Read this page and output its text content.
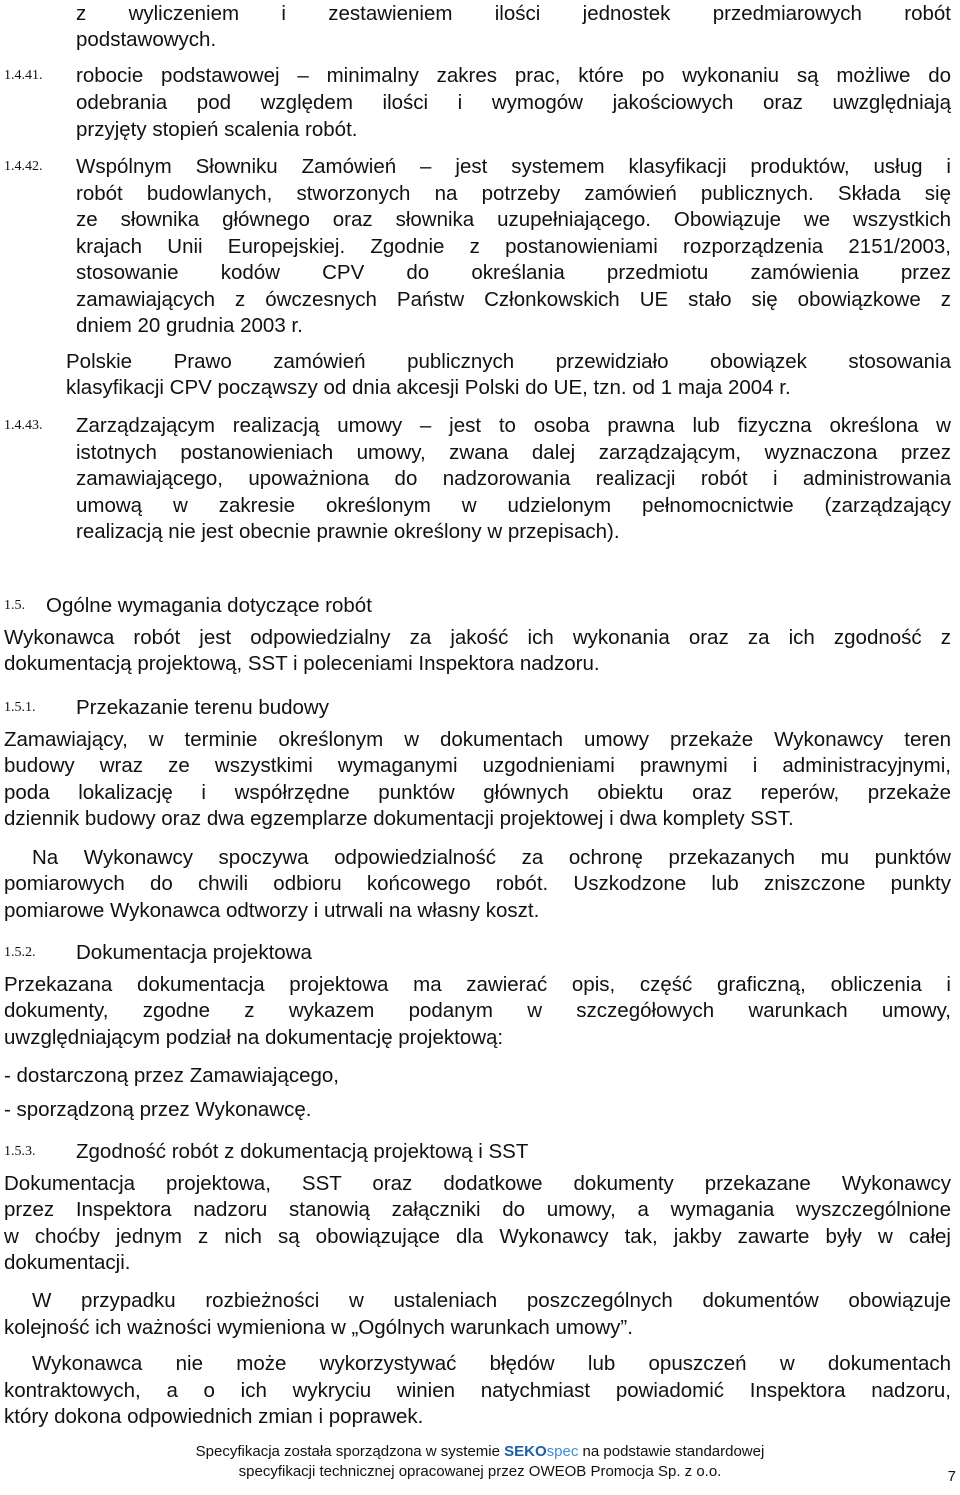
z wyliczeniem i zestawieniem ilości jednostek przedmiarowych robót
podstawowych.
1.4.41. robocie podstawowej – minimalny zakres prac, które po wykonaniu są możliwe do
odebrania pod względem ilości i wymogów jakościowych oraz uwzględniają
przyjęty stopień scalenia robót.
1.4.42. Wspólnym Słowniku Zamówień – jest systemem klasyfikacji produktów, usług i
robót budowlanych, stworzonych na potrzeby zamówień publicznych. Składa się
ze słownika głównego oraz słownika uzupełniającego. Obowiązuje we wszystkich
krajach Unii Europejskiej. Zgodnie z postanowieniami rozporządzenia 2151/2003,
stosowanie kodów CPV do określania przedmiotu zamówienia przez
zamawiających z ówczesnych Państw Członkowskich UE stało się obowiązkowe z
dniem 20 grudnia 2003 r.
Polskie Prawo zamówień publicznych przewidziało obowiązek stosowania
klasyfikacji CPV począwszy od dnia akcesji Polski do UE, tzn. od 1 maja 2004 r.
1.4.43. Zarządzającym realizacją umowy – jest to osoba prawna lub fizyczna określona w
istotnych postanowieniach umowy, zwana dalej zarządzającym, wyznaczona przez
zamawiającego, upoważniona do nadzorowania realizacji robót i administrowania
umową w zakresie określonym w udzielonym pełnomocnictwie (zarządzający
realizacją nie jest obecnie prawnie określony w przepisach).
1.5. Ogólne wymagania dotyczące robót
Wykonawca robót jest odpowiedzialny za jakość ich wykonania oraz za ich zgodność z
dokumentacją projektową, SST i poleceniami Inspektora nadzoru.
1.5.1. Przekazanie terenu budowy
Zamawiający, w terminie określonym w dokumentach umowy przekaże Wykonawcy teren
budowy wraz ze wszystkimi wymaganymi uzgodnieniami prawnymi i administracyjnymi,
poda lokalizację i współrzędne punktów głównych obiektu oraz reperów, przekaże
dziennik budowy oraz dwa egzemplarze dokumentacji projektowej i dwa komplety SST.
Na Wykonawcy spoczywa odpowiedzialność za ochronę przekazanych mu punktów
pomiarowych do chwili odbioru końcowego robót. Uszkodzone lub zniszczone punkty
pomiarowe Wykonawca odtworzy i utrwali na własny koszt.
1.5.2. Dokumentacja projektowa
Przekazana dokumentacja projektowa ma zawierać opis, część graficzną, obliczenia i
dokumenty, zgodne z wykazem podanym w szczegółowych warunkach umowy,
uwzględniającym podział na dokumentację projektową:
- dostarczoną przez Zamawiającego,
- sporządzoną przez Wykonawcę.
1.5.3. Zgodność robót z dokumentacją projektową i SST
Dokumentacja projektowa, SST oraz dodatkowe dokumenty przekazane Wykonawcy
przez Inspektora nadzoru stanowią załączniki do umowy, a wymagania wyszczególnione
w choćby jednym z nich są obowiązujące dla Wykonawcy tak, jakby zawarte były w całej
dokumentacji.
W przypadku rozbieżności w ustaleniach poszczególnych dokumentów obowiązuje
kolejność ich ważności wymieniona w „Ogólnych warunkach umowy”.
Wykonawca nie może wykorzystywać błędów lub opuszczeń w dokumentach
kontraktowych, a o ich wykryciu winien natychmiast powiadomić Inspektora nadzoru,
który dokona odpowiednich zmian i poprawek.
Specyfikacja została sporządzona w systemie SEKOspec na podstawie standardowej
specyfikacji technicznej opracowanej przez OWEOB Promocja Sp. z o.o.	7
